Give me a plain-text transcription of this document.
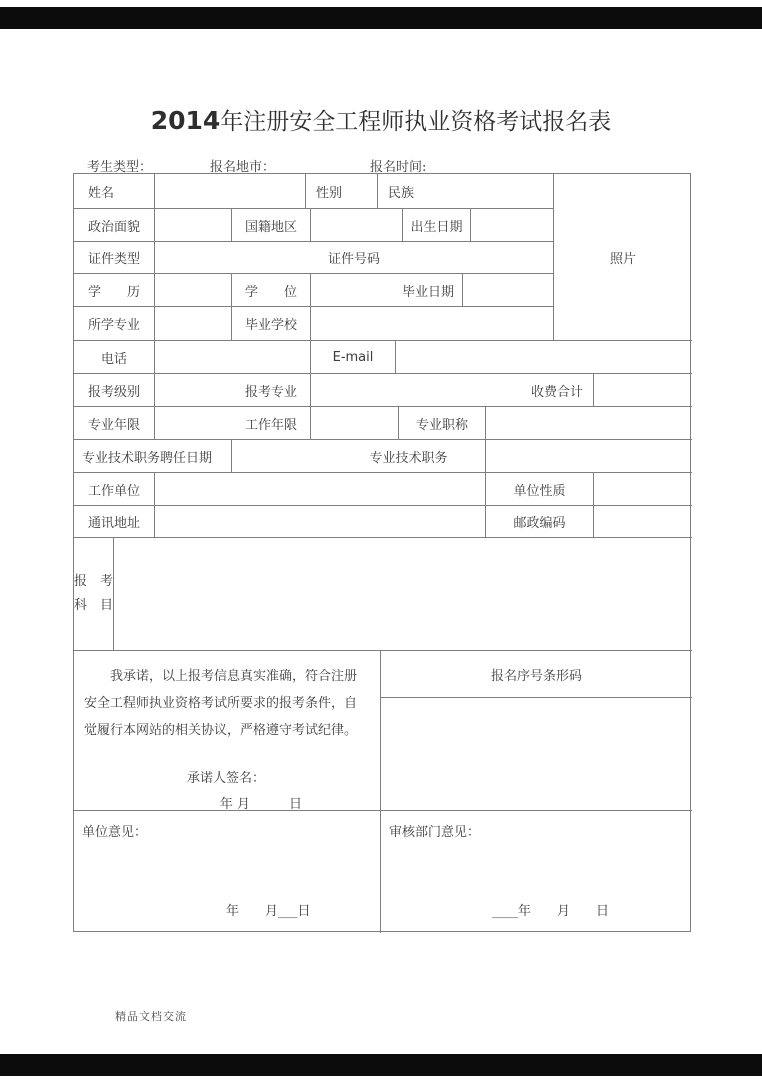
2014年注册安全工程师执业资格考试报名表
考生类型：	报名地市：	报名时间:
姓名	性别	民族
照片
政治面貌	国籍地区	出生日期
证件类型	证件号码
学　　历	学　　位	毕业日期
所学专业	毕业学校
电话	E-mail
报考级别	报考专业	收费合计
专业年限	工作年限	专业职称
专业技术职务聘任日期	专业技术职务
工作单位	单位性质
通讯地址	邮政编码
报　考
科　目
我承诺，以上报考信息真实准确，符合注册
安全工程师执业资格考试所要求的报考条件，自
觉履行本网站的相关协议，严格遵守考试纪律。
承诺人签名：
年 月　　　日
报名序号条形码
单位意见：
年　　月___日
审核部门意见：
____年　　月　　日
精品文档交流
